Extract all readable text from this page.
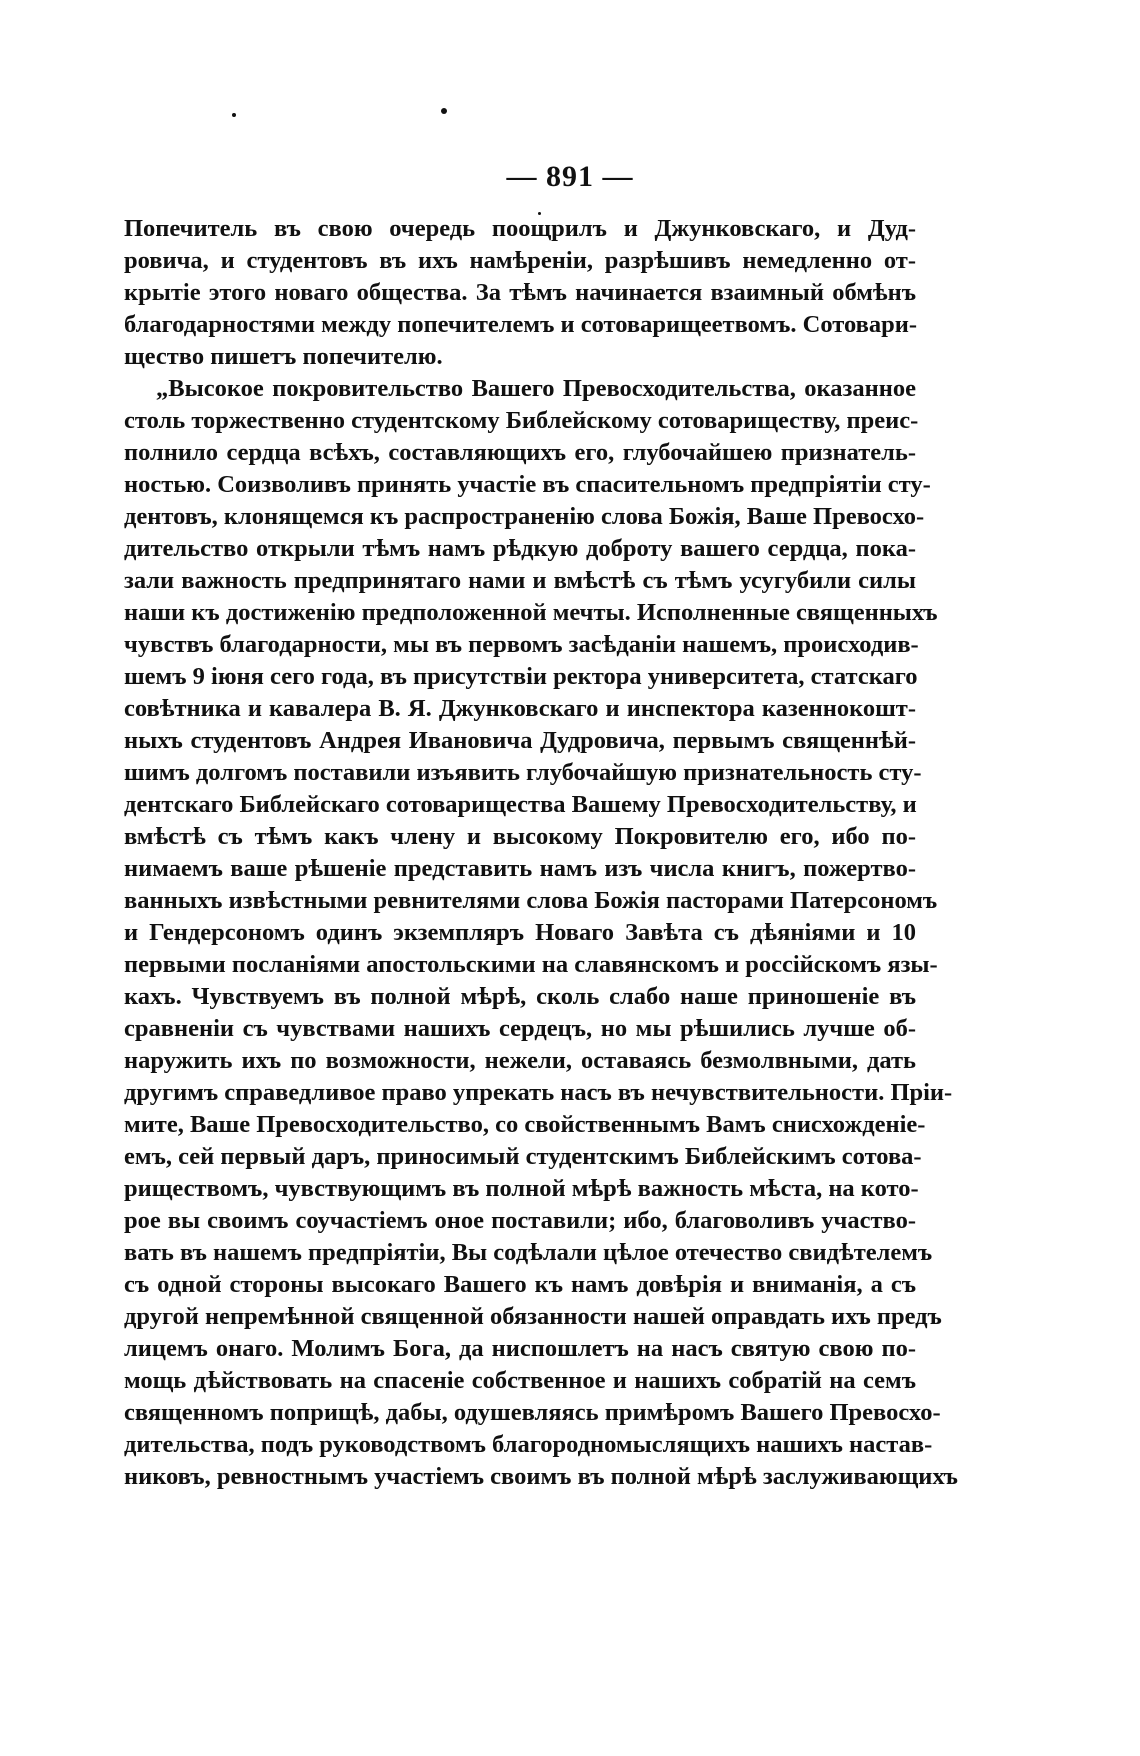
— 891 —
Попечитель въ свою очередь поощрилъ и Джунковскаго, и Дуд-
ровича, и студентовъ въ ихъ намѣреніи, разрѣшивъ немедленно от-
крытіе этого новаго общества. За тѣмъ начинается взаимный обмѣнъ
благодарностями между попечителемъ и сотоварищеетвомъ. Сотовари-
щество пишетъ попечителю.
„Высокое покровительство Вашего Превосходительства, оказанное
столь торжественно студентскому Библейскому сотовариществу, преис-
полнило сердца всѣхъ, составляющихъ его, глубочайшею признатель-
ностью. Соизволивъ принять участіе въ спасительномъ предпріятіи сту-
дентовъ, клонящемся къ распространенію слова Божія, Ваше Превосхо-
дительство открыли тѣмъ намъ рѣдкую доброту вашего сердца, пока-
зали важность предпринятаго нами и вмѣстѣ съ тѣмъ усугубили силы
наши къ достиженію предположенной мечты. Исполненные священныхъ
чувствъ благодарности, мы въ первомъ засѣданіи нашемъ, происходив-
шемъ 9 іюня сего года, въ присутствіи ректора университета, статскаго
совѣтника и кавалера В. Я. Джунковскаго и инспектора казеннокошт-
ныхъ студентовъ Андрея Ивановича Дудровича, первымъ священнѣй-
шимъ долгомъ поставили изъявить глубочайшую признательность сту-
дентскаго Библейскаго сотоварищества Вашему Превосходительству, и
вмѣстѣ съ тѣмъ какъ члену и высокому Покровителю его, ибо по-
нимаемъ ваше рѣшеніе представить намъ изъ числа книгъ, пожертво-
ванныхъ извѣстными ревнителями слова Божія пасторами Патерсономъ
и Гендерсономъ одинъ экземпляръ Новаго Завѣта съ дѣяніями и 10
первыми посланіями апостольскими на славянскомъ и россійскомъ язы-
кахъ. Чувствуемъ въ полной мѣрѣ, сколь слабо наше приношеніе въ
сравненіи съ чувствами нашихъ сердецъ, но мы рѣшились лучше об-
наружить ихъ по возможности, нежели, оставаясь безмолвными, дать
другимъ справедливое право упрекать насъ въ нечувствительности. Пріи-
мите, Ваше Превосходительство, со свойственнымъ Вамъ снисхожденіе-
емъ, сей первый даръ, приносимый студентскимъ Библейскимъ сотова-
риществомъ, чувствующимъ въ полной мѣрѣ важность мѣста, на кото-
рое вы своимъ соучастіемъ оное поставили; ибо, благоволивъ участво-
вать въ нашемъ предпріятіи, Вы содѣлали цѣлое отечество свидѣтелемъ
съ одной стороны высокаго Вашего къ намъ довѣрія и вниманія, а съ
другой непремѣнной священной обязанности нашей оправдать ихъ предъ
лицемъ онаго. Молимъ Бога, да ниспошлетъ на насъ святую свою по-
мощь дѣйствовать на спасеніе собственное и нашихъ собратій на семъ
священномъ поприщѣ, дабы, одушевляясь примѣромъ Вашего Превосхо-
дительства, подъ руководствомъ благородномыслящихъ нашихъ настав-
никовъ, ревностнымъ участіемъ своимъ въ полной мѣрѣ заслуживающихъ
